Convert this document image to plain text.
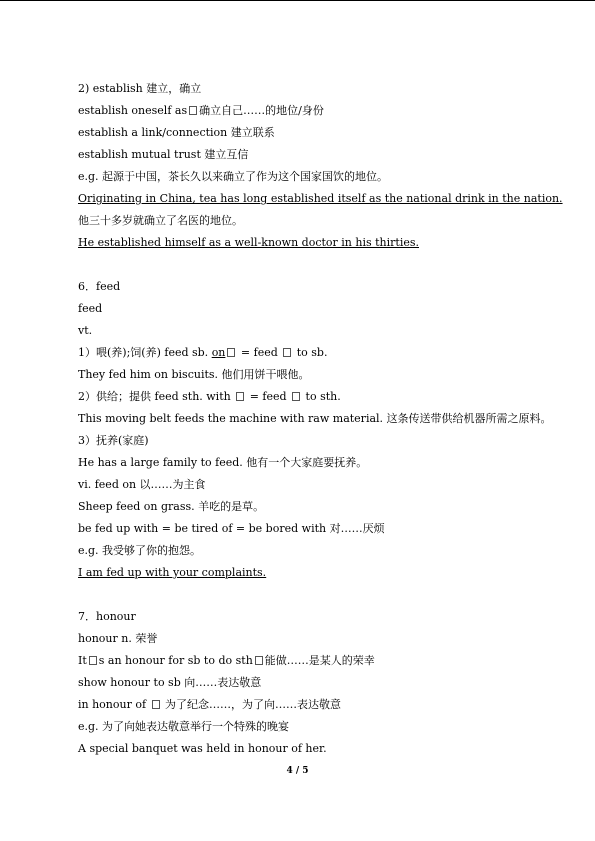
2) establish 建立，确立
establish oneself as 确立自己……的地位/身份
establish a link/connection 建立联系
establish mutual trust 建立互信
e.g. 起源于中国，茶长久以来确立了作为这个国家国饮的地位。
Originating in China, tea has long established itself as the national drink in the nation.
他三十多岁就确立了名医的地位。
He established himself as a well-known doctor in his thirties.
6．feed
feed
vt.
1）喂(养);饲(养) feed sb. on = feed  to sb.
They fed him on biscuits. 他们用饼干喂他。
2）供给；提供 feed sth. with  = feed  to sth.
This moving belt feeds the machine with raw material. 这条传送带供给机器所需之原料。
3）抚养(家庭)
He has a large family to feed. 他有一个大家庭要抚养。
vi. feed on 以……为主食
Sheep feed on grass. 羊吃的是草。
be fed up with = be tired of = be bored with 对……厌烦
e.g. 我受够了你的抱怨。
I am fed up with your complaints.
7．honour
honour n. 荣誉
It s an honour for sb to do sth 能做……是某人的荣幸
show honour to sb 向……表达敬意
in honour of  为了纪念……，为了向……表达敬意
e.g. 为了向她表达敬意举行一个特殊的晚宴
A special banquet was held in honour of her.
4 / 5
